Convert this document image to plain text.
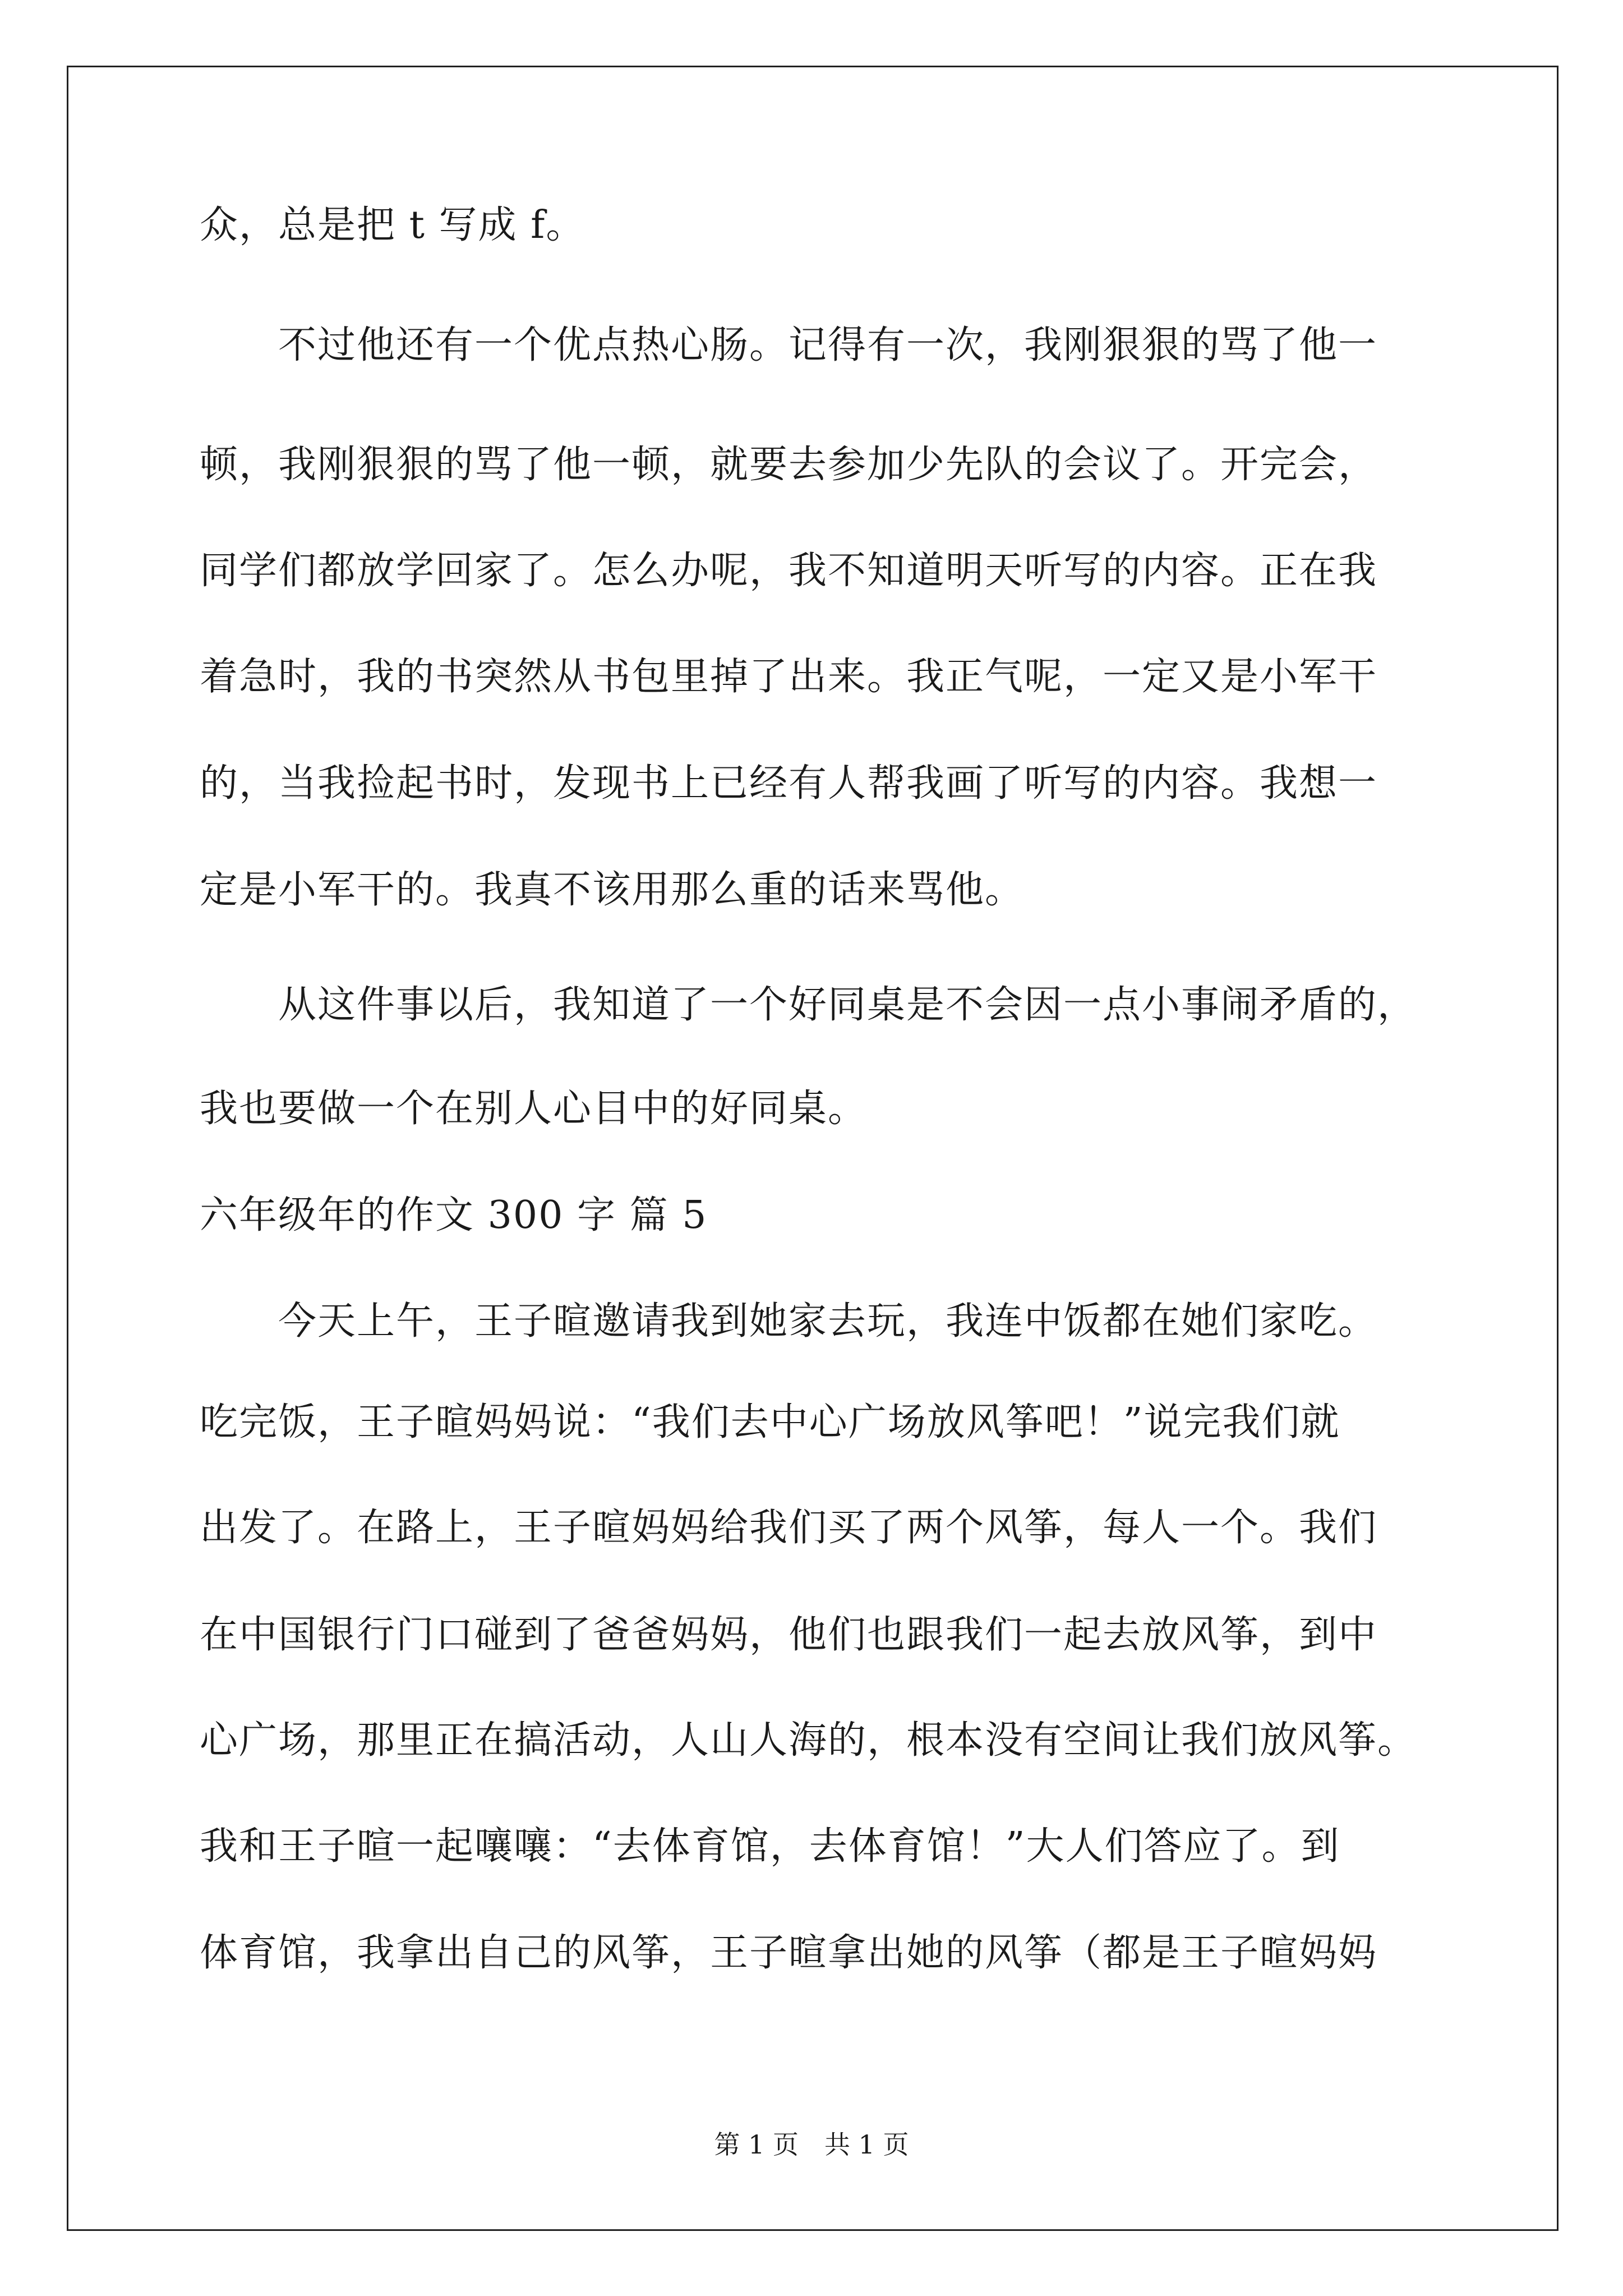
众，总是把 t 写成 f。
　　不过他还有一个优点热心肠。记得有一次，我刚狠狠的骂了他一
顿，我刚狠狠的骂了他一顿，就要去参加少先队的会议了。开完会，
同学们都放学回家了。怎么办呢，我不知道明天听写的内容。正在我
着急时，我的书突然从书包里掉了出来。我正气呢，一定又是小军干
的，当我捡起书时，发现书上已经有人帮我画了听写的内容。我想一
定是小军干的。我真不该用那么重的话来骂他。
　　从这件事以后，我知道了一个好同桌是不会因一点小事闹矛盾的，
我也要做一个在别人心目中的好同桌。
六年级年的作文 300 字 篇 5
　　今天上午，王子暄邀请我到她家去玩，我连中饭都在她们家吃。
吃完饭，王子暄妈妈说：“我们去中心广场放风筝吧！”说完我们就
出发了。在路上，王子暄妈妈给我们买了两个风筝，每人一个。我们
在中国银行门口碰到了爸爸妈妈，他们也跟我们一起去放风筝，到中
心广场，那里正在搞活动，人山人海的，根本没有空间让我们放风筝。
我和王子暄一起嚷嚷：“去体育馆，去体育馆！”大人们答应了。到
体育馆，我拿出自己的风筝，王子暄拿出她的风筝（都是王子暄妈妈
第 1 页　共 1 页
